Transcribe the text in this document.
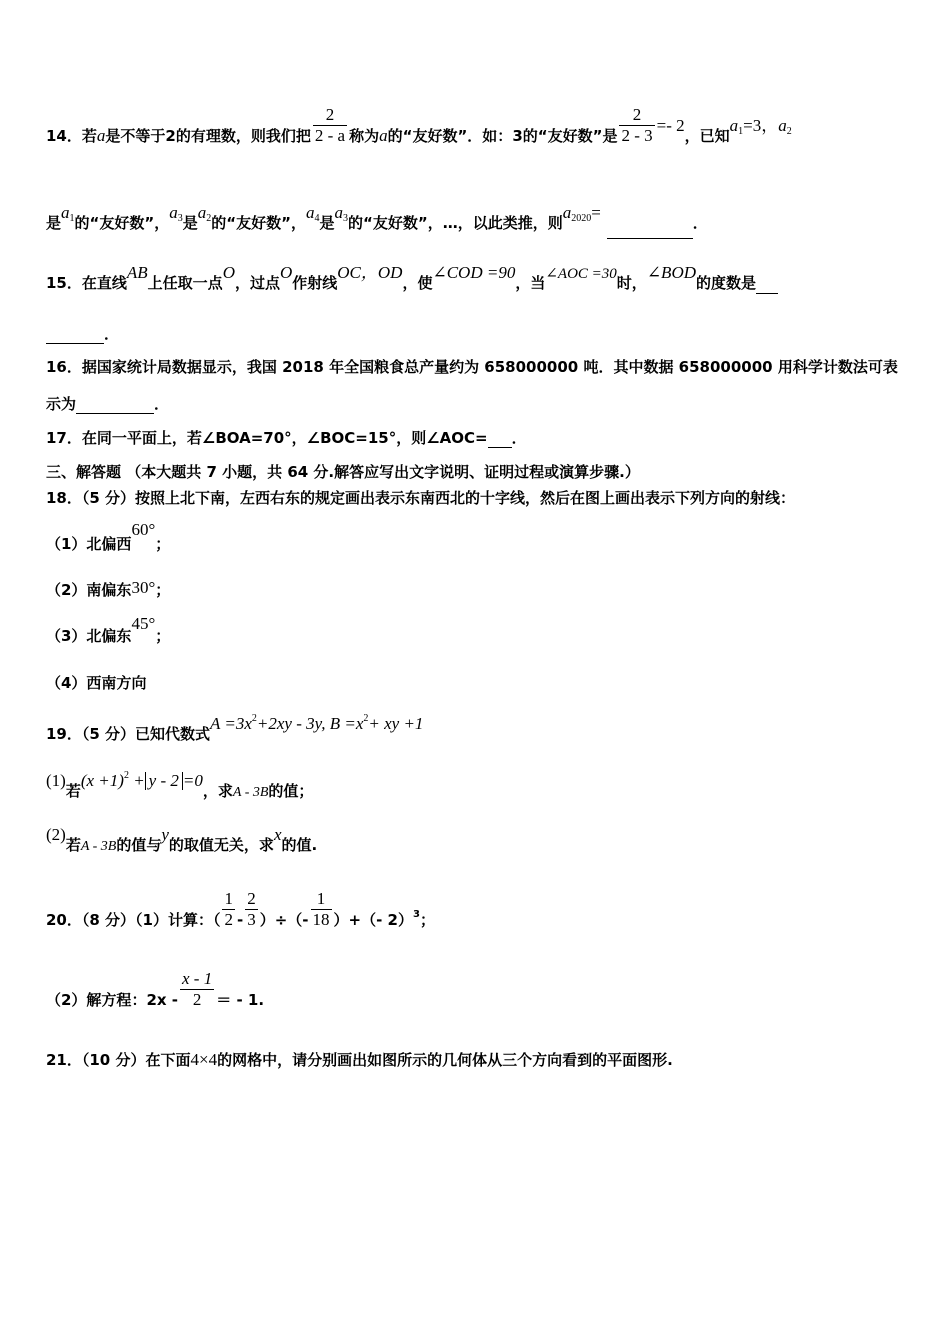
14．若a是不等于2的有理数，则我们把 $\frac{2}{2 - a}$ 称为a的“友好数”．如：3的“友好数”是 $\frac{2}{2 - 3} =- 2$，已知$a_1=3$，$a_2$
是$a_1$的“友好数”，$a_3$是$a_2$的“友好数”，$a_4$是$a_3$的“友好数”，…，以此类推，则$a_{2020}=$．
15．在直线AB上任取一点O，过点O作射线OC，OD，使∠COD =90，当∠AOC =30时，∠BOD的度数是
．
16．据国家统计局数据显示，我国 2018 年全国粮食总产量约为 658000000 吨．其中数据 658000000 用科学计数法可表
示为	．
17．在同一平面上，若∠BOA=70°，∠BOC=15°，则∠AOC= ．
三、解答题 （本大题共 7 小题，共 64 分.解答应写出文字说明、证明过程或演算步骤.）
18．（5 分）按照上北下南，左西右东的规定画出表示东南西北的十字线，然后在图上画出表示下列方向的射线：
（1）北偏西60°；
（2）南偏东30°；
（3）北偏东45°；
（4）西南方向
19．（5 分）已知代数式$A =3x^2+2xy - 3y$, $B =x^2+$ xy +1
(1)若$(x +1)^2 + y - 2 =0$，求A - 3B的值；
(2)若A - 3B的值与y的取值无关，求x的值.
20．（8 分）（1）计算：（ $\frac{1}{2} - \frac{2}{3}$ ）÷（- $\frac{1}{18}$ ）+（- 2）$^3$；
（2）解方程：$2x - \frac{x - 1}{2}$ ＝ - 1.
21．（10 分）在下面4×4的网格中，请分别画出如图所示的几何体从三个方向看到的平面图形.
